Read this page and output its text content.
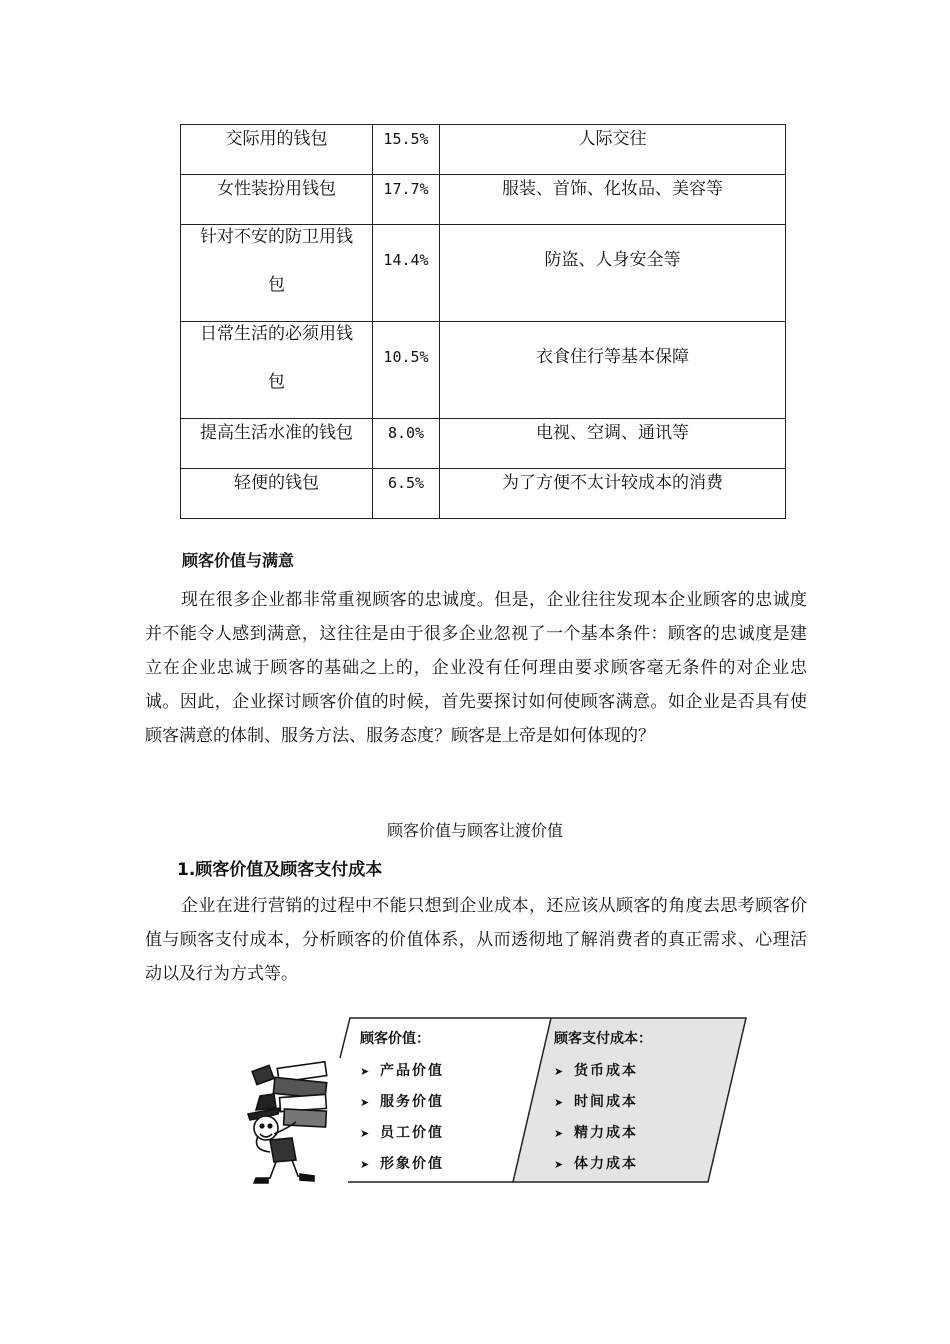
交际用的钱包	15.5%	人际交往

女性装扮用钱包	17.7%	服装、首饰、化妆品、美容等

针对不安的防卫用钱
包	14.4%	防盗、人身安全等

日常生活的必须用钱
包	10.5%	衣食住行等基本保障

提高生活水准的钱包	8.0%	电视、空调、通讯等

轻便的钱包	6.5%	为了方便不太计较成本的消费
顾客价值与满意

现在很多企业都非常重视顾客的忠诚度。但是，企业往往发现本企业顾客的忠诚度并不能令人感到满意，这往往是由于很多企业忽视了一个基本条件：顾客的忠诚度是建立在企业忠诚于顾客的基础之上的，企业没有任何理由要求顾客毫无条件的对企业忠诚。因此，企业探讨顾客价值的时候，首先要探讨如何使顾客满意。如企业是否具有使顾客满意的体制、服务方法、服务态度？顾客是上帝是如何体现的？

顾客价值与顾客让渡价值
1.顾客价值及顾客支付成本

企业在进行营销的过程中不能只想到企业成本，还应该从顾客的角度去思考顾客价值与顾客支付成本，分析顾客的价值体系，从而透彻地了解消费者的真正需求、心理活动以及行为方式等。

顾客价值：
➤ 产品价值
➤ 服务价值
➤ 员工价值
➤ 形象价值
顾客支付成本：
➤ 货币成本
➤ 时间成本
➤ 精力成本
➤ 体力成本
